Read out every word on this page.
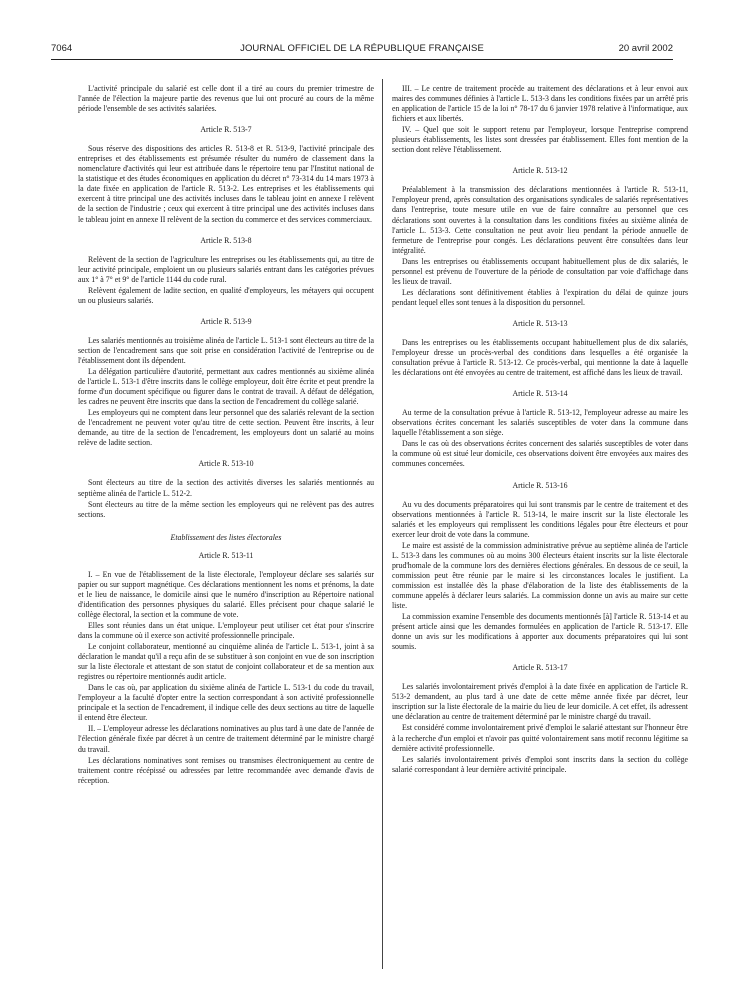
7064	JOURNAL OFFICIEL DE LA RÉPUBLIQUE FRANÇAISE	20 avril 2002

L'activité principale du salarié est celle dont il a tiré au cours du premier trimestre de l'année de l'élection la majeure partie des revenus que lui ont procuré au cours de la même période l'ensemble de ses activités salariées.

Article R. 513-7

Sous réserve des dispositions des articles R. 513-8 et R. 513-9, l'activité principale des entreprises et des établissements est présumée résulter du numéro de classement dans la nomenclature d'activités qui leur est attribuée dans le répertoire tenu par l'Institut national de la statistique et des études économiques en application du décret n° 73-314 du 14 mars 1973 à la date fixée en application de l'article R. 513-2. Les entreprises et les établissements qui exercent à titre principal une des activités incluses dans le tableau joint en annexe I relèvent de la section de l'industrie ; ceux qui exercent à titre principal une des activités incluses dans le tableau joint en annexe II relèvent de la section du commerce et des services commerciaux.

Article R. 513-8

Relèvent de la section de l'agriculture les entreprises ou les établissements qui, au titre de leur activité principale, emploient un ou plusieurs salariés entrant dans les catégories prévues aux 1° à 7° et 9° de l'article 1144 du code rural.

Relèvent également de ladite section, en qualité d'employeurs, les métayers qui occupent un ou plusieurs salariés.

Article R. 513-9

Les salariés mentionnés au troisième alinéa de l'article L. 513-1 sont électeurs au titre de la section de l'encadrement sans que soit prise en considération l'activité de l'entreprise ou de l'établissement dont ils dépendent.

La délégation particulière d'autorité, permettant aux cadres mentionnés au sixième alinéa de l'article L. 513-1 d'être inscrits dans le collège employeur, doit être écrite et peut prendre la forme d'un document spécifique ou figurer dans le contrat de travail. A défaut de délégation, les cadres ne peuvent être inscrits que dans la section de l'encadrement du collège salarié.

Les employeurs qui ne comptent dans leur personnel que des salariés relevant de la section de l'encadrement ne peuvent voter qu'au titre de cette section. Peuvent être inscrits, à leur demande, au titre de la section de l'encadrement, les employeurs dont un salarié au moins relève de ladite section.

Article R. 513-10

Sont électeurs au titre de la section des activités diverses les salariés mentionnés au septième alinéa de l'article L. 512-2.

Sont électeurs au titre de la même section les employeurs qui ne relèvent pas des autres sections.

Etablissement des listes électorales

Article R. 513-11

I. – En vue de l'établissement de la liste électorale, l'employeur déclare ses salariés sur papier ou sur support magnétique. Ces déclarations mentionnent les noms et prénoms, la date et le lieu de naissance, le domicile ainsi que le numéro d'inscription au Répertoire national d'identification des personnes physiques du salarié. Elles précisent pour chaque salarié le collège électoral, la section et la commune de vote.

Elles sont réunies dans un état unique. L'employeur peut utiliser cet état pour s'inscrire dans la commune où il exerce son activité professionnelle principale.

Le conjoint collaborateur, mentionné au cinquième alinéa de l'article L. 513-1, joint à sa déclaration le mandat qu'il a reçu afin de se substituer à son conjoint en vue de son inscription sur la liste électorale et attestant de son statut de conjoint collaborateur et de sa mention aux registres ou répertoire mentionnés audit article.

Dans le cas où, par application du sixième alinéa de l'article L. 513-1 du code du travail, l'employeur a la faculté d'opter entre la section correspondant à son activité professionnelle principale et la section de l'encadrement, il indique celle des deux sections au titre de laquelle il entend être électeur.

II. – L'employeur adresse les déclarations nominatives au plus tard à une date de l'année de l'élection générale fixée par décret à un centre de traitement déterminé par le ministre chargé du travail.

Les déclarations nominatives sont remises ou transmises électroniquement au centre de traitement contre récépissé ou adressées par lettre recommandée avec demande d'avis de réception.

III. – Le centre de traitement procède au traitement des déclarations et à leur envoi aux maires des communes définies à l'article L. 513-3 dans les conditions fixées par un arrêté pris en application de l'article 15 de la loi n° 78-17 du 6 janvier 1978 relative à l'informatique, aux fichiers et aux libertés.

IV. – Quel que soit le support retenu par l'employeur, lorsque l'entreprise comprend plusieurs établissements, les listes sont dressées par établissement. Elles font mention de la section dont relève l'établissement.

Article R. 513-12

Préalablement à la transmission des déclarations mentionnées à l'article R. 513-11, l'employeur prend, après consultation des organisations syndicales de salariés représentatives dans l'entreprise, toute mesure utile en vue de faire connaître au personnel que ces déclarations sont ouvertes à la consultation dans les conditions fixées au sixième alinéa de l'article L. 513-3. Cette consultation ne peut avoir lieu pendant la période annuelle de fermeture de l'entreprise pour congés. Les déclarations peuvent être consultées dans leur intégralité.

Dans les entreprises ou établissements occupant habituellement plus de dix salariés, le personnel est prévenu de l'ouverture de la période de consultation par voie d'affichage dans les lieux de travail.

Les déclarations sont définitivement établies à l'expiration du délai de quinze jours pendant lequel elles sont tenues à la disposition du personnel.

Article R. 513-13

Dans les entreprises ou les établissements occupant habituellement plus de dix salariés, l'employeur dresse un procès-verbal des conditions dans lesquelles a été organisée la consultation prévue à l'article R. 513-12. Ce procès-verbal, qui mentionne la date à laquelle les déclarations ont été envoyées au centre de traitement, est affiché dans les lieux de travail.

Article R. 513-14

Au terme de la consultation prévue à l'article R. 513-12, l'employeur adresse au maire les observations écrites concernant les salariés susceptibles de voter dans la commune dans laquelle l'établissement a son siège.

Dans le cas où des observations écrites concernent des salariés susceptibles de voter dans la commune où est situé leur domicile, ces observations doivent être envoyées aux maires des communes concernées.

Article R. 513-16

Au vu des documents préparatoires qui lui sont transmis par le centre de traitement et des observations mentionnées à l'article R. 513-14, le maire inscrit sur la liste électorale les salariés et les employeurs qui remplissent les conditions légales pour être électeurs et pour exercer leur droit de vote dans la commune.

Le maire est assisté de la commission administrative prévue au septième alinéa de l'article L. 513-3 dans les communes où au moins 300 électeurs étaient inscrits sur la liste électorale prud'homale de la commune lors des dernières élections générales. En dessous de ce seuil, la commission peut être réunie par le maire si les circonstances locales le justifient. La commission est installée dès la phase d'élaboration de la liste des établissements de la commune appelés à déclarer leurs salariés. La commission donne un avis au maire sur cette liste.

La commission examine l'ensemble des documents mentionnés [à] l'article R. 513-14 et au présent article ainsi que les demandes formulées en application de l'article R. 513-17. Elle donne un avis sur les modifications à apporter aux documents préparatoires qui lui sont soumis.

Article R. 513-17

Les salariés involontairement privés d'emploi à la date fixée en application de l'article R. 513-2 demandent, au plus tard à une date de cette même année fixée par décret, leur inscription sur la liste électorale de la mairie du lieu de leur domicile. A cet effet, ils adressent une déclaration au centre de traitement déterminé par le ministre chargé du travail.

Est considéré comme involontairement privé d'emploi le salarié attestant sur l'honneur être à la recherche d'un emploi et n'avoir pas quitté volontairement sans motif reconnu légitime sa dernière activité professionnelle.

Les salariés involontairement privés d'emploi sont inscrits dans la section du collège salarié correspondant à leur dernière activité principale.
